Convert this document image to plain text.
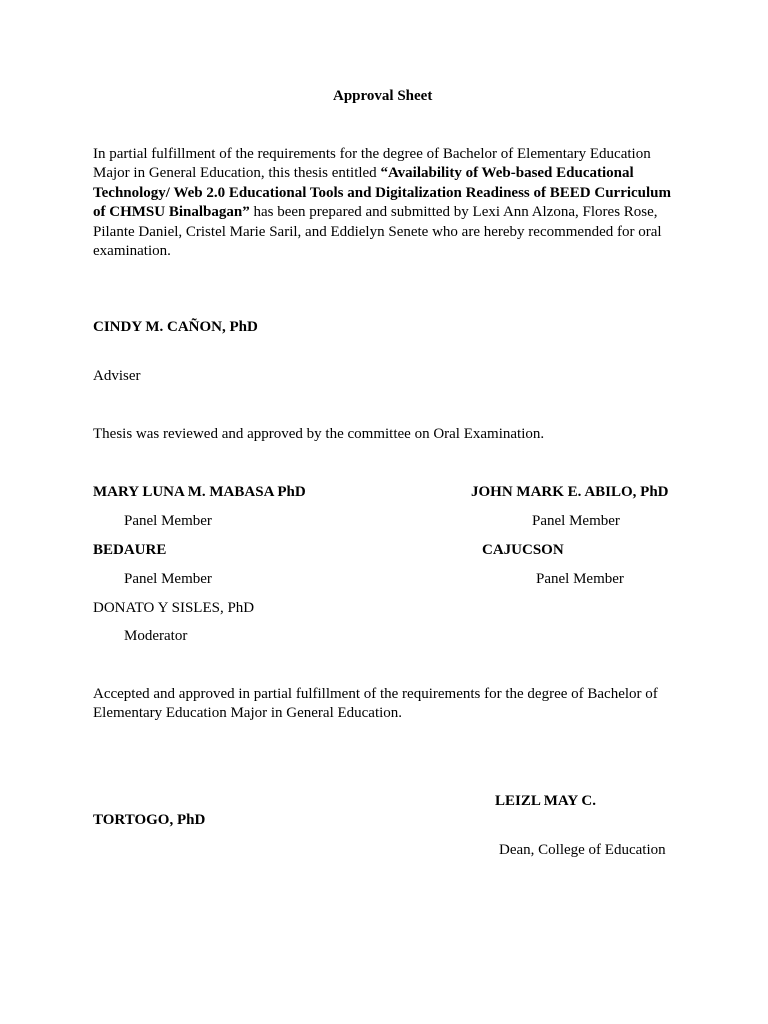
Approval Sheet
In partial fulfillment of the requirements for the degree of Bachelor of Elementary Education Major in General Education, this thesis entitled “Availability of Web-based Educational Technology/ Web 2.0 Educational Tools and Digitalization Readiness of BEED Curriculum of CHMSU Binalbagan” has been prepared and submitted by Lexi Ann Alzona, Flores Rose, Pilante Daniel, Cristel Marie Saril, and Eddielyn Senete who are hereby recommended for oral examination.
CINDY M. CAÑON, PhD
Adviser
Thesis was reviewed and approved by the committee on Oral Examination.
MARY LUNA M. MABASA PhD	JOHN MARK E. ABILO, PhD
Panel Member	Panel Member
BEDAURE	CAJUCSON
Panel Member	Panel Member
DONATO Y SISLES, PhD
Moderator
Accepted and approved in partial fulfillment of the requirements for the degree of Bachelor of Elementary Education Major in General Education.
LEIZL MAY C.
TORTOGO, PhD
Dean, College of Education
